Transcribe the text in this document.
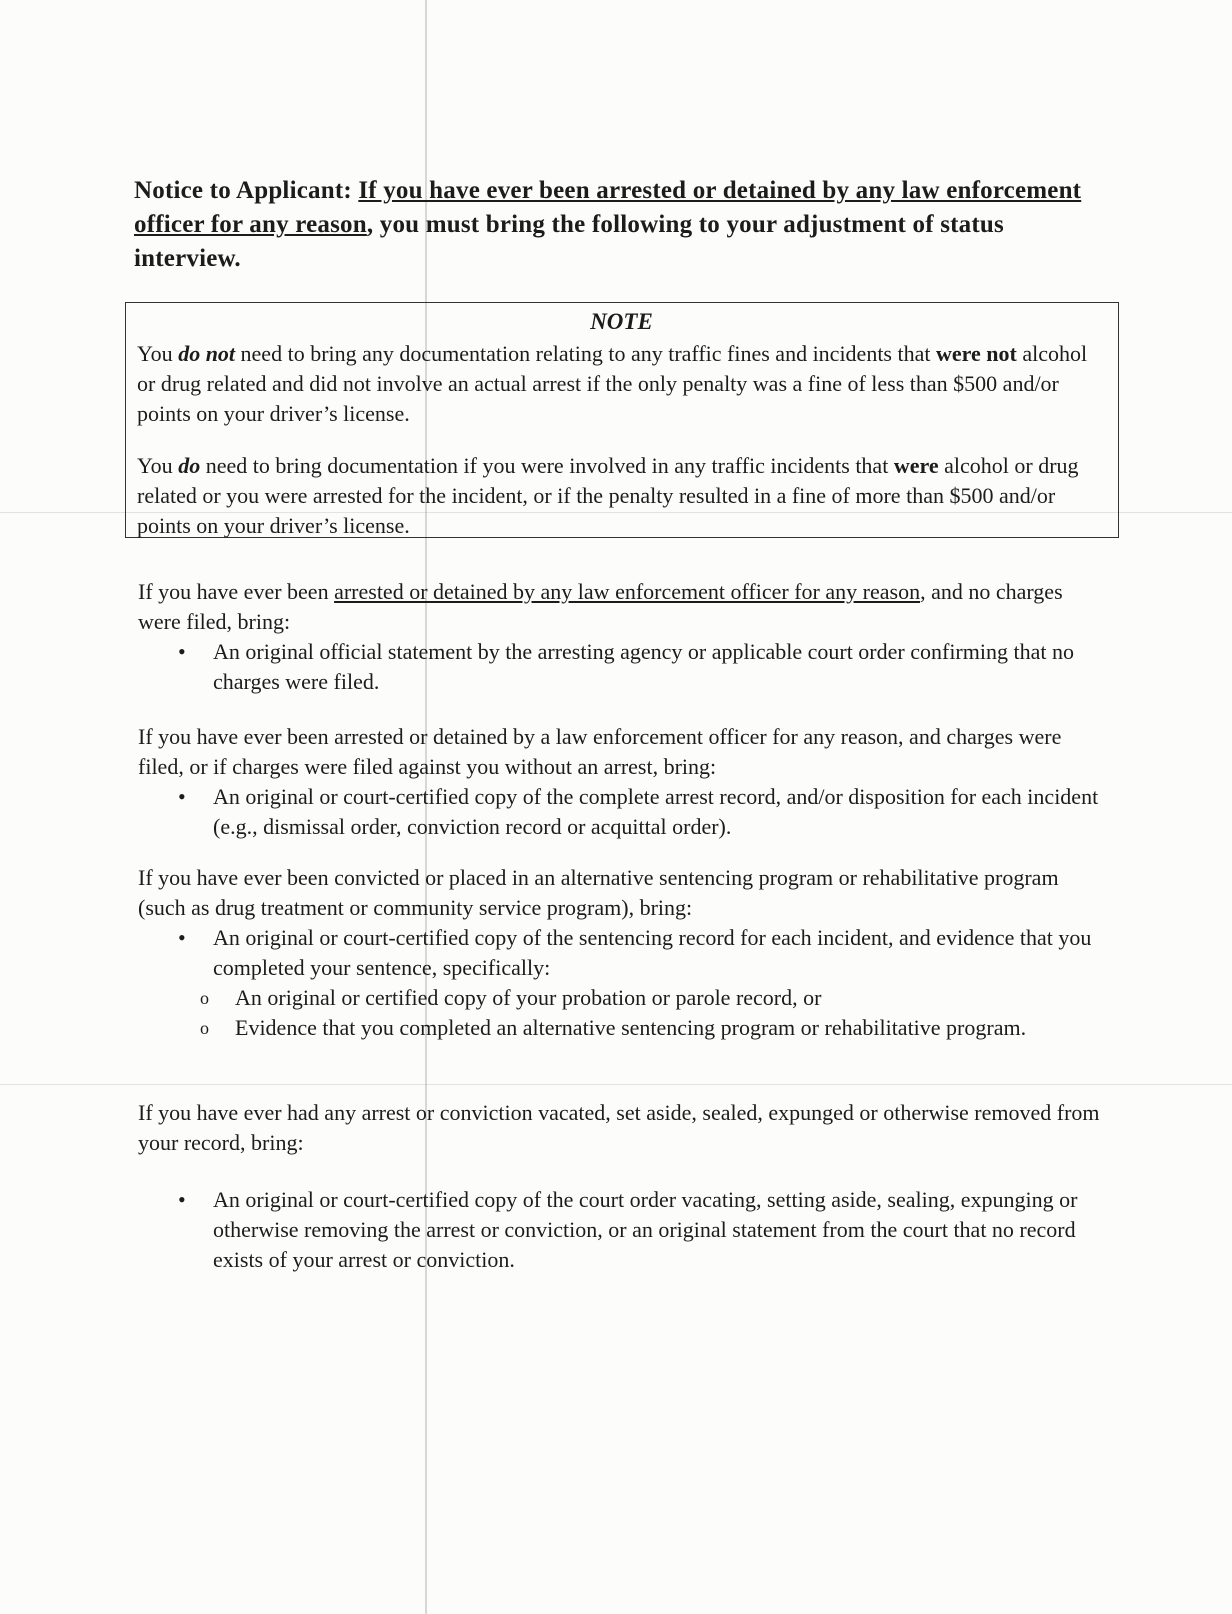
Notice to Applicant: If you have ever been arrested or detained by any law enforcement officer for any reason, you must bring the following to your adjustment of status interview.
NOTE

You do not need to bring any documentation relating to any traffic fines and incidents that were not alcohol or drug related and did not involve an actual arrest if the only penalty was a fine of less than $500 and/or points on your driver’s license.

You do need to bring documentation if you were involved in any traffic incidents that were alcohol or drug related or you were arrested for the incident, or if the penalty resulted in a fine of more than $500 and/or points on your driver’s license.

If you have ever been arrested or detained by any law enforcement officer for any reason, and no charges were filed, bring:

• An original official statement by the arresting agency or applicable court order confirming that no charges were filed.

If you have ever been arrested or detained by a law enforcement officer for any reason, and charges were filed, or if charges were filed against you without an arrest, bring:

• An original or court-certified copy of the complete arrest record, and/or disposition for each incident (e.g., dismissal order, conviction record or acquittal order).

If you have ever been convicted or placed in an alternative sentencing program or rehabilitative program (such as drug treatment or community service program), bring:

• An original or court-certified copy of the sentencing record for each incident, and evidence that you completed your sentence, specifically:

o An original or certified copy of your probation or parole record, or

o Evidence that you completed an alternative sentencing program or rehabilitative program.

If you have ever had any arrest or conviction vacated, set aside, sealed, expunged or otherwise removed from your record, bring:

• An original or court-certified copy of the court order vacating, setting aside, sealing, expunging or otherwise removing the arrest or conviction, or an original statement from the court that no record exists of your arrest or conviction.
